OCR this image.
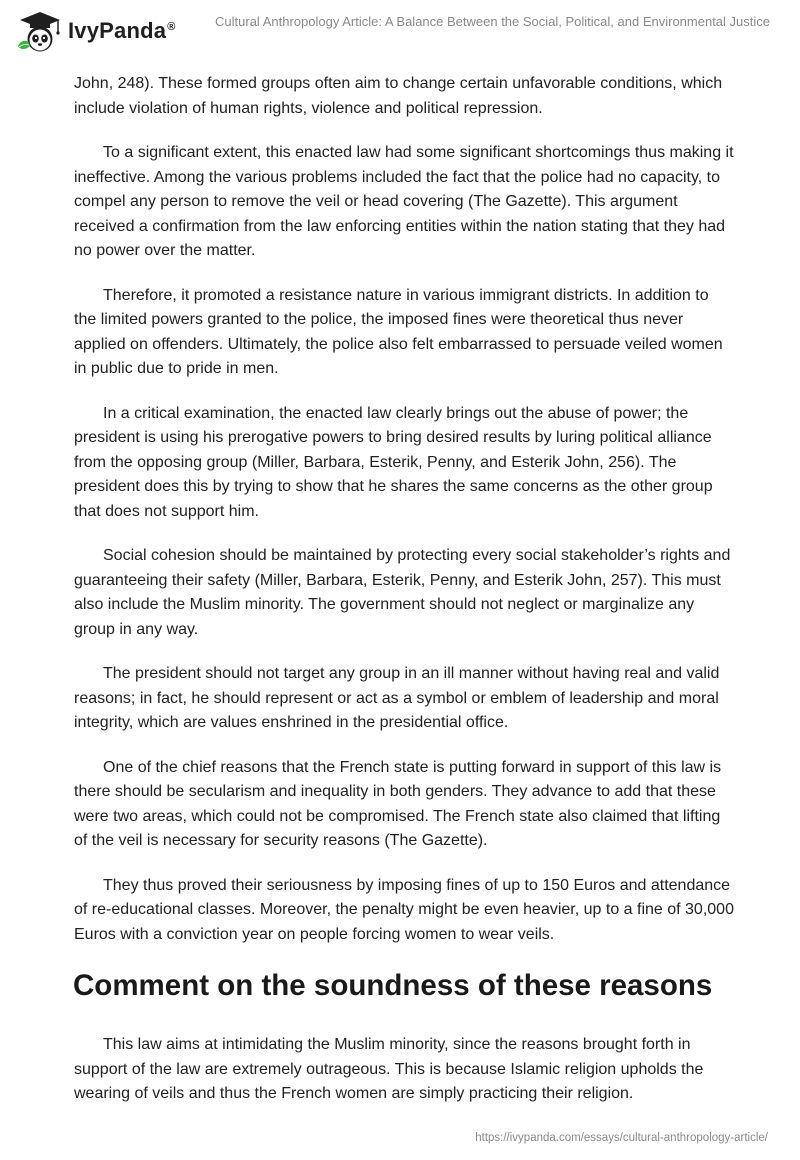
IvyPanda®	Cultural Anthropology Article: A Balance Between the Social, Political, and Environmental Justice

John, 248). These formed groups often aim to change certain unfavorable conditions, which include violation of human rights, violence and political repression.

To a significant extent, this enacted law had some significant shortcomings thus making it ineffective. Among the various problems included the fact that the police had no capacity, to compel any person to remove the veil or head covering (The Gazette). This argument received a confirmation from the law enforcing entities within the nation stating that they had no power over the matter.

Therefore, it promoted a resistance nature in various immigrant districts. In addition to the limited powers granted to the police, the imposed fines were theoretical thus never applied on offenders. Ultimately, the police also felt embarrassed to persuade veiled women in public due to pride in men.

In a critical examination, the enacted law clearly brings out the abuse of power; the president is using his prerogative powers to bring desired results by luring political alliance from the opposing group (Miller, Barbara, Esterik, Penny, and Esterik John, 256). The president does this by trying to show that he shares the same concerns as the other group that does not support him.

Social cohesion should be maintained by protecting every social stakeholder’s rights and guaranteeing their safety (Miller, Barbara, Esterik, Penny, and Esterik John, 257). This must also include the Muslim minority. The government should not neglect or marginalize any group in any way.

The president should not target any group in an ill manner without having real and valid reasons; in fact, he should represent or act as a symbol or emblem of leadership and moral integrity, which are values enshrined in the presidential office.

One of the chief reasons that the French state is putting forward in support of this law is there should be secularism and inequality in both genders. They advance to add that these were two areas, which could not be compromised. The French state also claimed that lifting of the veil is necessary for security reasons (The Gazette).

They thus proved their seriousness by imposing fines of up to 150 Euros and attendance of re-educational classes. Moreover, the penalty might be even heavier, up to a fine of 30,000 Euros with a conviction year on people forcing women to wear veils.

Comment on the soundness of these reasons

This law aims at intimidating the Muslim minority, since the reasons brought forth in support of the law are extremely outrageous. This is because Islamic religion upholds the wearing of veils and thus the French women are simply practicing their religion.

https://ivypanda.com/essays/cultural-anthropology-article/
